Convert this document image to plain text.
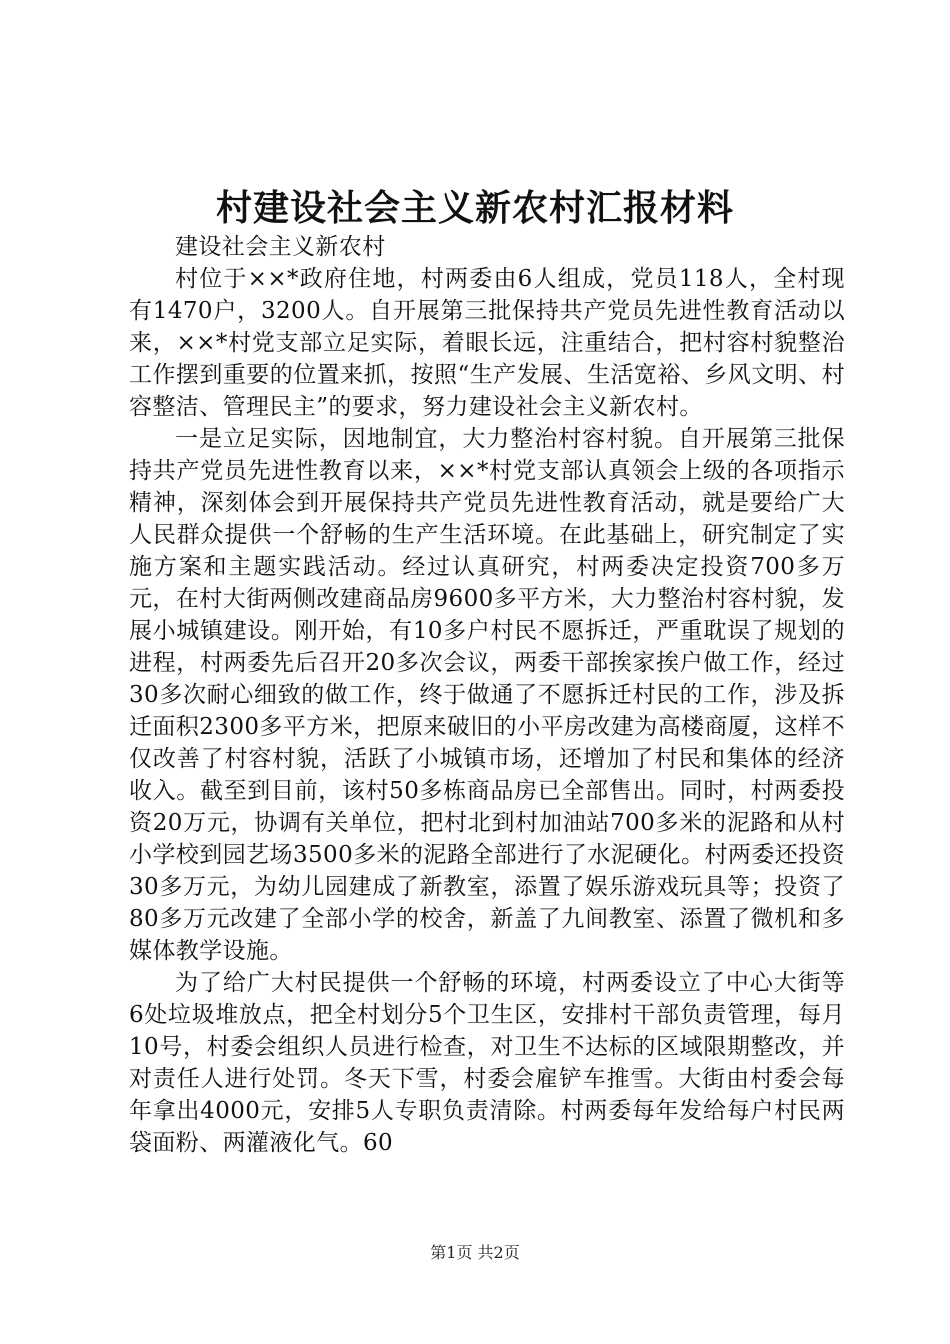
村建设社会主义新农村汇报材料

建设社会主义新农村

村位于××*政府住地，村两委由6人组成，党员118人，全村现有1470户，3200人。自开展第三批保持共产党员先进性教育活动以来，××*村党支部立足实际，着眼长远，注重结合，把村容村貌整治工作摆到重要的位置来抓，按照“生产发展、生活宽裕、乡风文明、村容整洁、管理民主”的要求，努力建设社会主义新农村。

一是立足实际，因地制宜，大力整治村容村貌。自开展第三批保持共产党员先进性教育以来，××*村党支部认真领会上级的各项指示精神，深刻体会到开展保持共产党员先进性教育活动，就是要给广大人民群众提供一个舒畅的生产生活环境。在此基础上，研究制定了实施方案和主题实践活动。经过认真研究，村两委决定投资700多万元，在村大街两侧改建商品房9600多平方米，大力整治村容村貌，发展小城镇建设。刚开始，有10多户村民不愿拆迁，严重耽误了规划的进程，村两委先后召开20多次会议，两委干部挨家挨户做工作，经过30多次耐心细致的做工作，终于做通了不愿拆迁村民的工作，涉及拆迁面积2300多平方米，把原来破旧的小平房改建为高楼商厦，这样不仅改善了村容村貌，活跃了小城镇市场，还增加了村民和集体的经济收入。截至到目前，该村50多栋商品房已全部售出。同时，村两委投资20万元，协调有关单位，把村北到村加油站700多米的泥路和从村小学校到园艺场3500多米的泥路全部进行了水泥硬化。村两委还投资30多万元，为幼儿园建成了新教室，添置了娱乐游戏玩具等；投资了80多万元改建了全部小学的校舍，新盖了九间教室、添置了微机和多媒体教学设施。

为了给广大村民提供一个舒畅的环境，村两委设立了中心大街等6处垃圾堆放点，把全村划分5个卫生区，安排村干部负责管理，每月10号，村委会组织人员进行检查，对卫生不达标的区域限期整改，并对责任人进行处罚。冬天下雪，村委会雇铲车推雪。大街由村委会每年拿出4000元，安排5人专职负责清除。村两委每年发给每户村民两袋面粉、两灌液化气。60

第1页 共2页
